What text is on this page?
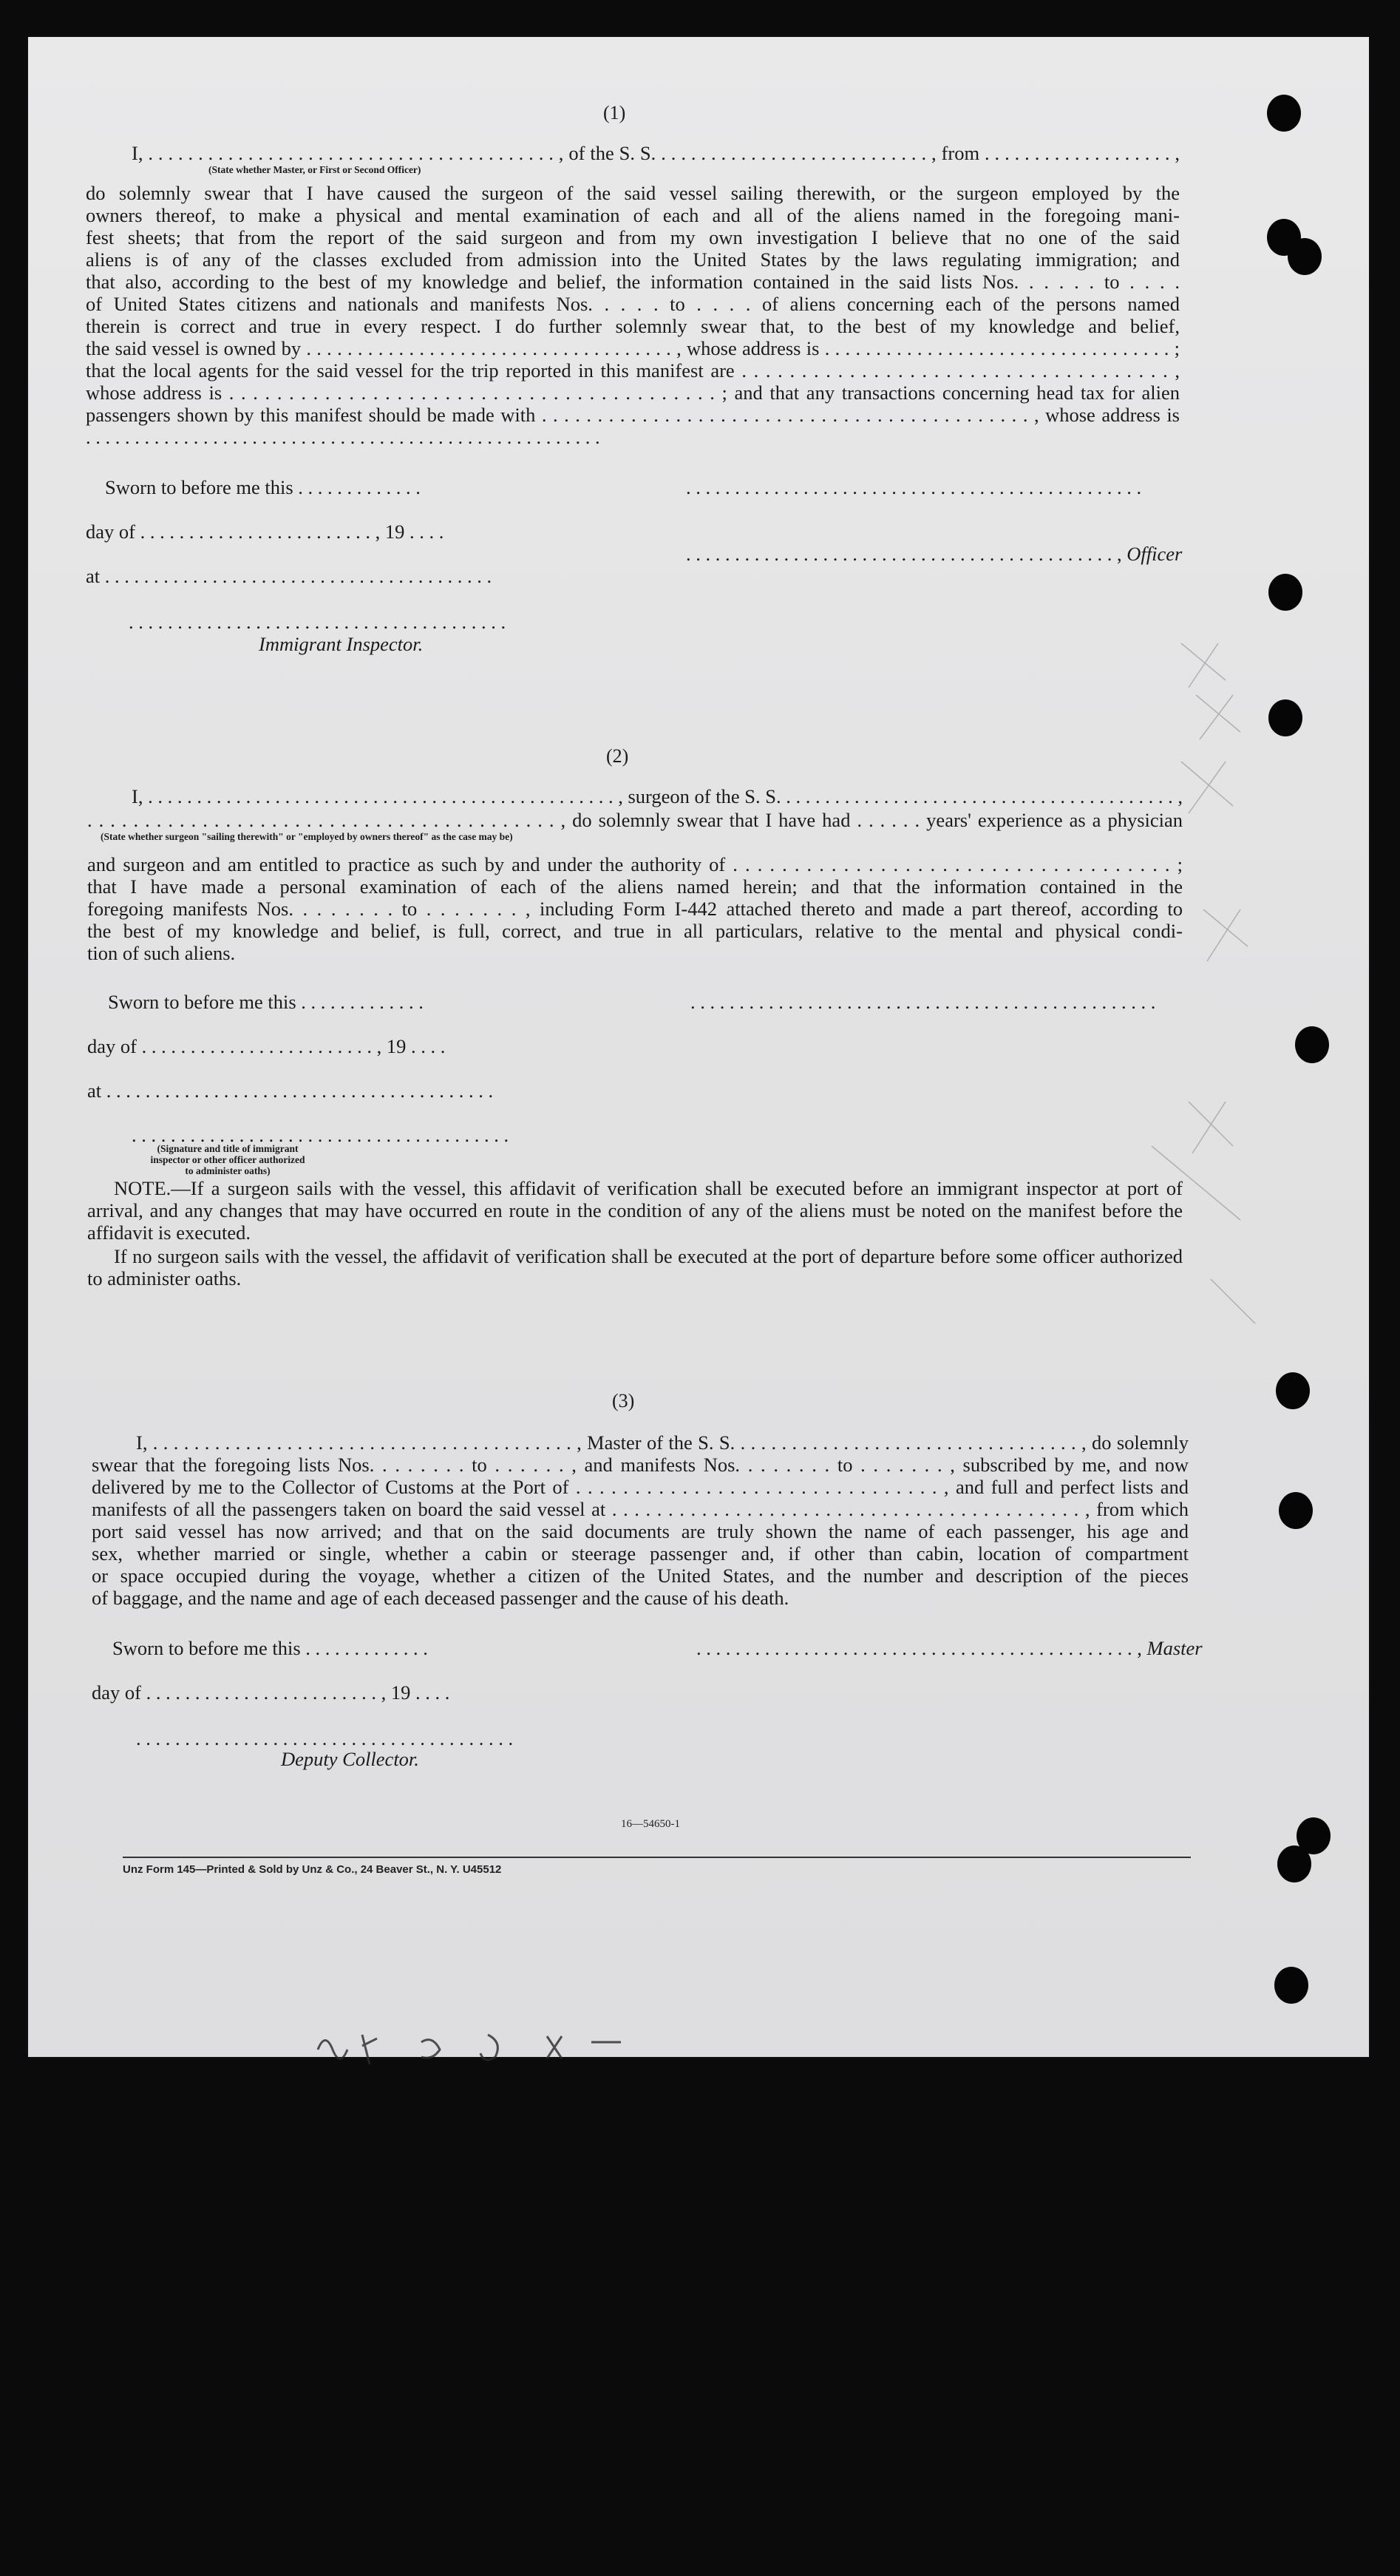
(1)
I, . . . . . . . . . . . . . . . . . . . . . . . . . . . . . . . . . . . . . . . . . , of the S. S. . . . . . . . . . . . . . . . . . . . . . . . . . . . , from . . . . . . . . . . . . . . . . . . . ,
(State whether Master, or First or Second Officer)
do solemnly swear that I have caused the surgeon of the said vessel sailing therewith, or the surgeon employed by the
owners thereof, to make a physical and mental examination of each and all of the aliens named in the foregoing mani-
fest sheets; that from the report of the said surgeon and from my own investigation I believe that no one of the said
aliens is of any of the classes excluded from admission into the United States by the laws regulating immigration; and
that also, according to the best of my knowledge and belief, the information contained in the said lists Nos. . . . . . to . . . .
of United States citizens and nationals and manifests Nos. . . . . to . . . . of aliens concerning each of the persons named
therein is correct and true in every respect. I do further solemnly swear that, to the best of my knowledge and belief,
the said vessel is owned by . . . . . . . . . . . . . . . . . . . . . . . . . . . . . . . . . . . . , whose address is . . . . . . . . . . . . . . . . . . . . . . . . . . . . . . . . . . ;
that the local agents for the said vessel for the trip reported in this manifest are . . . . . . . . . . . . . . . . . . . . . . . . . . . . . . . . . . . . ,
whose address is . . . . . . . . . . . . . . . . . . . . . . . . . . . . . . . . . . . . . . . . . ; and that any transactions concerning head tax for alien
passengers shown by this manifest should be made with . . . . . . . . . . . . . . . . . . . . . . . . . . . . . . . . . . . . . . . . . . . . , whose address is
. . . . . . . . . . . . . . . . . . . . . . . . . . . . . . . . . . . . . . . . . . . . . . . . . . . . .
Sworn to before me this . . . . . . . . . . . . .	. . . . . . . . . . . . . . . . . . . . . . . . . . . . . . . . . . . . . . . . . . . . . . .
day of . . . . . . . . . . . . . . . . . . . . . . . . , 19 . . . .
. . . . . . . . . . . . . . . . . . . . . . . . . . . . . . . . . . . . . . . . . . . . , Officer
at . . . . . . . . . . . . . . . . . . . . . . . . . . . . . . . . . . . . . . . .
. . . . . . . . . . . . . . . . . . . . . . . . . . . . . . . . . . . . . . .
Immigrant Inspector.
(2)
I, . . . . . . . . . . . . . . . . . . . . . . . . . . . . . . . . . . . . . . . . . . . . . . . . , surgeon of the S. S. . . . . . . . . . . . . . . . . . . . . . . . . . . . . . . . . . . . . . . . . ,
. . . . . . . . . . . . . . . . . . . . . . . . . . . . . . . . . . . . . . . . . , do solemnly swear that I have had . . . . . . years' experience as a physician
(State whether surgeon "sailing therewith" or "employed by owners thereof" as the case may be)
and surgeon and am entitled to practice as such by and under the authority of . . . . . . . . . . . . . . . . . . . . . . . . . . . . . . . . . . . . ;
that I have made a personal examination of each of the aliens named herein; and that the information contained in the
foregoing manifests Nos. . . . . . . . to . . . . . . . , including Form I-442 attached thereto and made a part thereof, according to
the best of my knowledge and belief, is full, correct, and true in all particulars, relative to the mental and physical condi-
tion of such aliens.
Sworn to before me this . . . . . . . . . . . . .	. . . . . . . . . . . . . . . . . . . . . . . . . . . . . . . . . . . . . . . . . . . . . . . .
day of . . . . . . . . . . . . . . . . . . . . . . . . , 19 . . . .
at . . . . . . . . . . . . . . . . . . . . . . . . . . . . . . . . . . . . . . . .
. . . . . . . . . . . . . . . . . . . . . . . . . . . . . . . . . . . . . . .
(Signature and title of immigrant inspector or other officer authorized to administer oaths)
NOTE.—If a surgeon sails with the vessel, this affidavit of verification shall be executed before an immigrant inspector at port of arrival, and any changes that may have occurred en route in the condition of any of the aliens must be noted on the manifest before the affidavit is executed.
If no surgeon sails with the vessel, the affidavit of verification shall be executed at the port of departure before some officer authorized to administer oaths.
(3)
I, . . . . . . . . . . . . . . . . . . . . . . . . . . . . . . . . . . . . . . . . . , Master of the S. S. . . . . . . . . . . . . . . . . . . . . . . . . . . . . . . . . . , do solemnly
swear that the foregoing lists Nos. . . . . . . . to . . . . . . , and manifests Nos. . . . . . . . to . . . . . . . , subscribed by me, and now
delivered by me to the Collector of Customs at the Port of . . . . . . . . . . . . . . . . . . . . . . . . . . . . . . . , and full and perfect lists and
manifests of all the passengers taken on board the said vessel at . . . . . . . . . . . . . . . . . . . . . . . . . . . . . . . . . . . . . . . . . . , from which
port said vessel has now arrived; and that on the said documents are truly shown the name of each passenger, his age and
sex, whether married or single, whether a cabin or steerage passenger and, if other than cabin, location of compartment
or space occupied during the voyage, whether a citizen of the United States, and the number and description of the pieces
of baggage, and the name and age of each deceased passenger and the cause of his death.
Sworn to before me this . . . . . . . . . . . . .	. . . . . . . . . . . . . . . . . . . . . . . . . . . . . . . . . . . . . . . . . . . . . , Master
day of . . . . . . . . . . . . . . . . . . . . . . . . , 19 . . . .
. . . . . . . . . . . . . . . . . . . . . . . . . . . . . . . . . . . . . . .
Deputy Collector.
16—54650-1
Unz Form 145—Printed & Sold by Unz & Co., 24 Beaver St., N. Y. U45512
